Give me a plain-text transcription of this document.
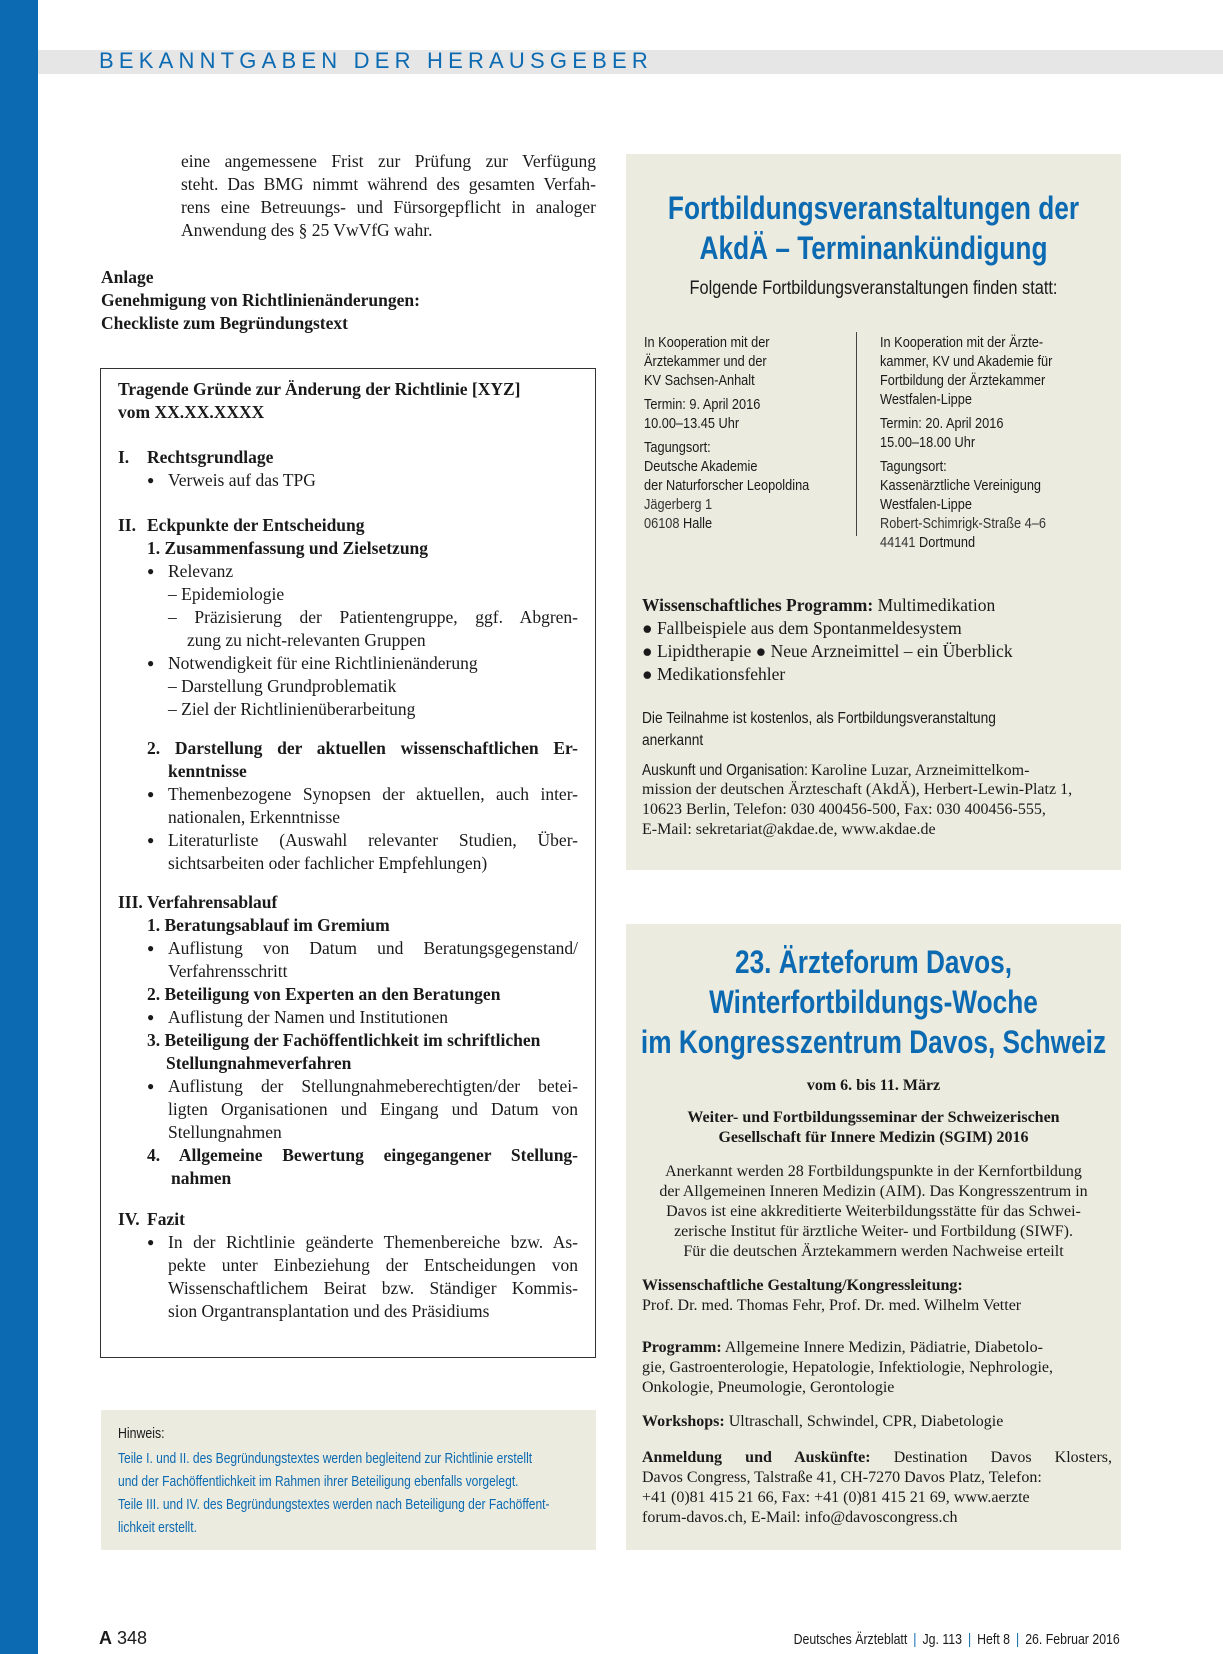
BEKANNTGABEN DER HERAUSGEBER
eine angemessene Frist zur Prüfung zur Verfügung
steht. Das BMG nimmt während des gesamten Verfah-
rens eine Betreuungs- und Fürsorgepflicht in analoger
Anwendung des § 25 VwVfG wahr.
Anlage
Genehmigung von Richtlinienänderungen:
Checkliste zum Begründungstext
Tragende Gründe zur Änderung der Richtlinie [XYZ]
vom XX.XX.XXXX
I. Rechtsgrundlage
● Verweis auf das TPG
II. Eckpunkte der Entscheidung
1. Zusammenfassung und Zielsetzung
● Relevanz
– Epidemiologie
– Präzisierung der Patientengruppe, ggf. Abgren-
zung zu nicht-relevanten Gruppen
● Notwendigkeit für eine Richtlinienänderung
– Darstellung Grundproblematik
– Ziel der Richtlinienüberarbeitung
2. Darstellung der aktuellen wissenschaftlichen Er-
kenntnisse
● Themenbezogene Synopsen der aktuellen, auch inter-
nationalen, Erkenntnisse
● Literaturliste (Auswahl relevanter Studien, Über-
sichtsarbeiten oder fachlicher Empfehlungen)
III. Verfahrensablauf
1. Beratungsablauf im Gremium
● Auflistung von Datum und Beratungsgegenstand/
Verfahrensschritt
2. Beteiligung von Experten an den Beratungen
● Auflistung der Namen und Institutionen
3. Beteiligung der Fachöffentlichkeit im schriftlichen
Stellungnahmeverfahren
● Auflistung der Stellungnahmeberechtigten/der betei-
ligten Organisationen und Eingang und Datum von
Stellungnahmen
4. Allgemeine Bewertung eingegangener Stellung-
nahmen
IV. Fazit
● In der Richtlinie geänderte Themenbereiche bzw. As-
pekte unter Einbeziehung der Entscheidungen von
Wissenschaftlichem Beirat bzw. Ständiger Kommis-
sion Organtransplantation und des Präsidiums
Hinweis:
Teile I. und II. des Begründungstextes werden begleitend zur Richtlinie erstellt
und der Fachöffentlichkeit im Rahmen ihrer Beteiligung ebenfalls vorgelegt.
Teile III. und IV. des Begründungstextes werden nach Beteiligung der Fachöffent-
lichkeit erstellt.
Fortbildungsveranstaltungen der
AkdÄ – Terminankündigung
Folgende Fortbildungsveranstaltungen finden statt:
In Kooperation mit der
Ärztekammer und der
KV Sachsen-Anhalt
Termin: 9. April 2016
10.00–13.45 Uhr
Tagungsort:
Deutsche Akademie
der Naturforscher Leopoldina
Jägerberg 1
06108 Halle
In Kooperation mit der Ärzte-
kammer, KV und Akademie für
Fortbildung der Ärztekammer
Westfalen-Lippe
Termin: 20. April 2016
15.00–18.00 Uhr
Tagungsort:
Kassenärztliche Vereinigung
Westfalen-Lippe
Robert-Schimrigk-Straße 4–6
44141 Dortmund
Wissenschaftliches Programm: Multimedikation
● Fallbeispiele aus dem Spontanmeldesystem
● Lipidtherapie ● Neue Arzneimittel – ein Überblick
● Medikationsfehler
Die Teilnahme ist kostenlos, als Fortbildungsveranstaltung
anerkannt
Auskunft und Organisation: Karoline Luzar, Arzneimittelkom-
mission der deutschen Ärzteschaft (AkdÄ), Herbert-Lewin-Platz 1,
10623 Berlin, Telefon: 030 400456-500, Fax: 030 400456-555,
E-Mail: sekretariat@akdae.de, www.akdae.de
23. Ärzteforum Davos,
Winterfortbildungs-Woche
im Kongresszentrum Davos, Schweiz
vom 6. bis 11. März
Weiter- und Fortbildungsseminar der Schweizerischen
Gesellschaft für Innere Medizin (SGIM) 2016
Anerkannt werden 28 Fortbildungspunkte in der Kernfortbildung
der Allgemeinen Inneren Medizin (AIM). Das Kongresszentrum in
Davos ist eine akkreditierte Weiterbildungsstätte für das Schwei-
zerische Institut für ärztliche Weiter- und Fortbildung (SIWF).
Für die deutschen Ärztekammern werden Nachweise erteilt
Wissenschaftliche Gestaltung/Kongressleitung:
Prof. Dr. med. Thomas Fehr, Prof. Dr. med. Wilhelm Vetter
Programm: Allgemeine Innere Medizin, Pädiatrie, Diabetolo-
gie, Gastroenterologie, Hepatologie, Infektiologie, Nephrologie,
Onkologie, Pneumologie, Gerontologie
Workshops: Ultraschall, Schwindel, CPR, Diabetologie
Anmeldung und Auskünfte: Destination Davos Klosters,
Davos Congress, Talstraße 41, CH-7270 Davos Platz, Telefon:
+41 (0)81 415 21 66, Fax: +41 (0)81 415 21 69, www.aerzte
forum-davos.ch, E-Mail: info@davoscongress.ch
A 348	Deutsches Ärzteblatt | Jg. 113 | Heft 8 | 26. Februar 2016
